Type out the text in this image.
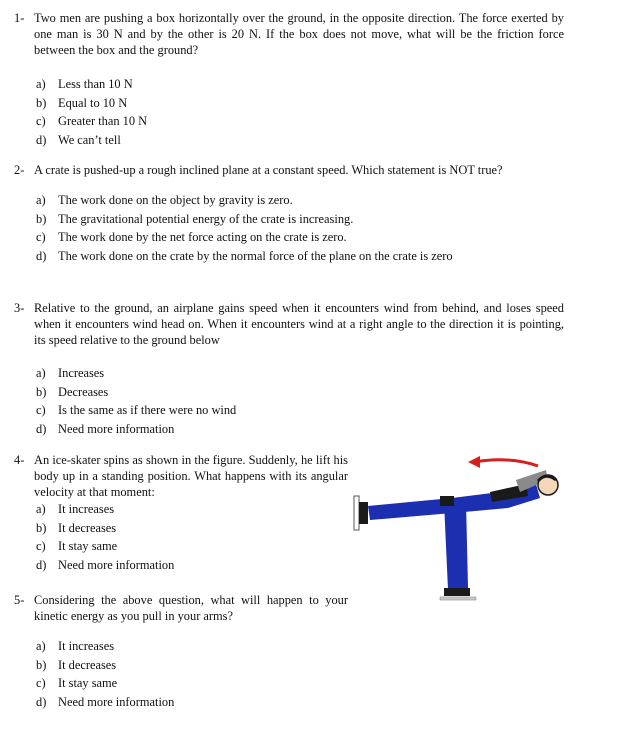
1- Two men are pushing a box horizontally over the ground, in the opposite direction. The force exerted by one man is 30 N and by the other is 20 N. If the box does not move, what will be the friction force between the box and the ground?
a) Less than 10 N
b) Equal to 10 N
c) Greater than 10 N
d) We can’t tell
2- A crate is pushed-up a rough inclined plane at a constant speed. Which statement is NOT true?
a) The work done on the object by gravity is zero.
b) The gravitational potential energy of the crate is increasing.
c) The work done by the net force acting on the crate is zero.
d) The work done on the crate by the normal force of the plane on the crate is zero
3- Relative to the ground, an airplane gains speed when it encounters wind from behind, and loses speed when it encounters wind head on. When it encounters wind at a right angle to the direction it is pointing, its speed relative to the ground below
a) Increases
b) Decreases
c) Is the same as if there were no wind
d) Need more information
4- An ice-skater spins as shown in the figure. Suddenly, he lift his body up in a standing position. What happens with its angular velocity at that moment:
a) It increases
b) It decreases
c) It stay same
d) Need more information
5- Considering the above question, what will happen to your kinetic energy as you pull in your arms?
a) It increases
b) It decreases
c) It stay same
d) Need more information
